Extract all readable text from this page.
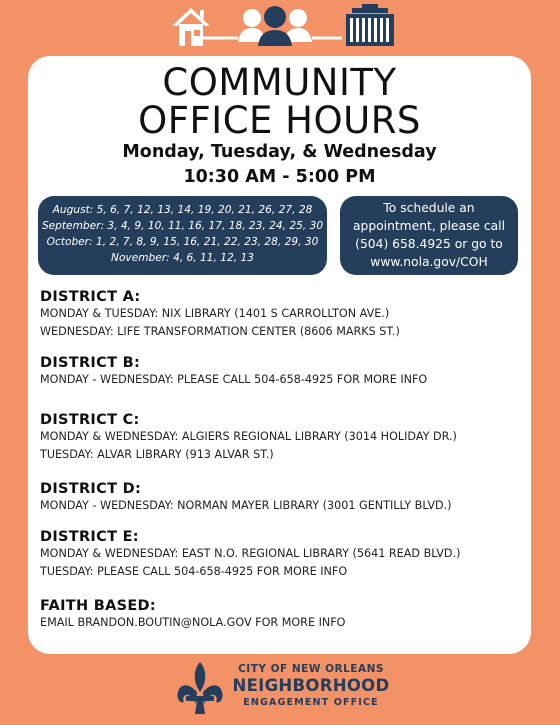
COMMUNITY
OFFICE HOURS
Monday, Tuesday, & Wednesday
10:30 AM - 5:00 PM
August: 5, 6, 7, 12, 13, 14, 19, 20, 21, 26, 27, 28
September: 3, 4, 9, 10, 11, 16, 17, 18, 23, 24, 25, 30
October: 1, 2, 7, 8, 9, 15, 16, 21, 22, 23, 28, 29, 30
November: 4, 6, 11, 12, 13
To schedule an
appointment, please call
(504) 658.4925 or go to
www.nola.gov/COH
DISTRICT A:
MONDAY & TUESDAY: NIX LIBRARY (1401 S CARROLLTON AVE.)
WEDNESDAY: LIFE TRANSFORMATION CENTER (8606 MARKS ST.)
DISTRICT B:
MONDAY - WEDNESDAY: PLEASE CALL 504-658-4925 FOR MORE INFO
DISTRICT C:
MONDAY & WEDNESDAY: ALGIERS REGIONAL LIBRARY (3014 HOLIDAY DR.)
TUESDAY: ALVAR LIBRARY (913 ALVAR ST.)
DISTRICT D:
MONDAY - WEDNESDAY: NORMAN MAYER LIBRARY (3001 GENTILLY BLVD.)
DISTRICT E:
MONDAY & WEDNESDAY: EAST N.O. REGIONAL LIBRARY (5641 READ BLVD.)
TUESDAY: PLEASE CALL 504-658-4925 FOR MORE INFO
FAITH BASED:
EMAIL BRANDON.BOUTIN@NOLA.GOV FOR MORE INFO
CITY OF NEW ORLEANS
NEIGHBORHOOD
ENGAGEMENT OFFICE
